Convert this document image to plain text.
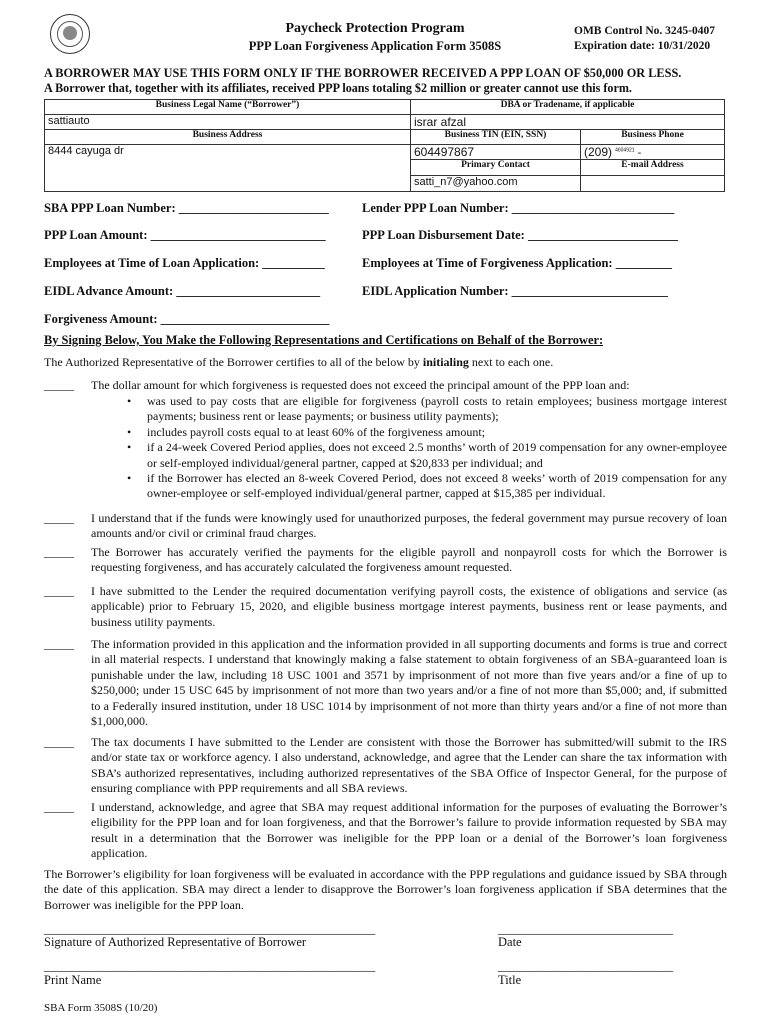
Paycheck Protection Program
PPP Loan Forgiveness Application Form 3508S
OMB Control No. 3245-0407
Expiration date: 10/31/2020
A BORROWER MAY USE THIS FORM ONLY IF THE BORROWER RECEIVED A PPP LOAN OF $50,000 OR LESS.
A Borrower that, together with its affiliates, received PPP loans totaling $2 million or greater cannot use this form.
Business Legal Name (“Borrower”)	DBA or Tradename, if applicable	
sattiauto	israr afzal	
Business Address	Business TIN (EIN, SSN)	Business Phone
8444 cayuga dr	604497867	(209) $^{4604921}$ -
	Primary Contact	E-mail Address
	satti_n7@yahoo.com	
SBA PPP Loan Number: ________________________	Lender PPP Loan Number: __________________________
PPP Loan Amount: ____________________________	PPP Loan Disbursement Date: ________________________
Employees at Time of Loan Application: __________	Employees at Time of Forgiveness Application: _________
EIDL Advance Amount: _______________________	EIDL Application Number: _________________________
Forgiveness Amount: ___________________________
By Signing Below, You Make the Following Representations and Certifications on Behalf of the Borrower:
The Authorized Representative of the Borrower certifies to all of the below by initialing next to each one.
_____ The dollar amount for which forgiveness is requested does not exceed the principal amount of the PPP loan and:
• was used to pay costs that are eligible for forgiveness (payroll costs to retain employees; business mortgage interest payments; business rent or lease payments; or business utility payments);
• includes payroll costs equal to at least 60% of the forgiveness amount;
• if a 24-week Covered Period applies, does not exceed 2.5 months’ worth of 2019 compensation for any owner-employee or self-employed individual/general partner, capped at $20,833 per individual; and
• if the Borrower has elected an 8-week Covered Period, does not exceed 8 weeks’ worth of 2019 compensation for any owner-employee or self-employed individual/general partner, capped at $15,385 per individual.
_____ I understand that if the funds were knowingly used for unauthorized purposes, the federal government may pursue recovery of loan amounts and/or civil or criminal fraud charges.
_____ The Borrower has accurately verified the payments for the eligible payroll and nonpayroll costs for which the Borrower is requesting forgiveness, and has accurately calculated the forgiveness amount requested.
_____ I have submitted to the Lender the required documentation verifying payroll costs, the existence of obligations and service (as applicable) prior to February 15, 2020, and eligible business mortgage interest payments, business rent or lease payments, and business utility payments.
_____ The information provided in this application and the information provided in all supporting documents and forms is true and correct in all material respects. I understand that knowingly making a false statement to obtain forgiveness of an SBA-guaranteed loan is punishable under the law, including 18 USC 1001 and 3571 by imprisonment of not more than five years and/or a fine of up to $250,000; under 15 USC 645 by imprisonment of not more than two years and/or a fine of not more than $5,000; and, if submitted to a Federally insured institution, under 18 USC 1014 by imprisonment of not more than thirty years and/or a fine of not more than $1,000,000.
_____ The tax documents I have submitted to the Lender are consistent with those the Borrower has submitted/will submit to the IRS and/or state tax or workforce agency. I also understand, acknowledge, and agree that the Lender can share the tax information with SBA’s authorized representatives, including authorized representatives of the SBA Office of Inspector General, for the purpose of ensuring compliance with PPP requirements and all SBA reviews.
_____ I understand, acknowledge, and agree that SBA may request additional information for the purposes of evaluating the Borrower’s eligibility for the PPP loan and for loan forgiveness, and that the Borrower’s failure to provide information requested by SBA may result in a determination that the Borrower was ineligible for the PPP loan or a denial of the Borrower’s loan forgiveness application.
The Borrower’s eligibility for loan forgiveness will be evaluated in accordance with the PPP regulations and guidance issued by SBA through the date of this application. SBA may direct a lender to disapprove the Borrower’s loan forgiveness application if SBA determines that the Borrower was ineligible for the PPP loan.
_____________________________________________________
Signature of Authorized Representative of Borrower
____________________________
Date
_____________________________________________________
Print Name
____________________________
Title
SBA Form 3508S (10/20)
